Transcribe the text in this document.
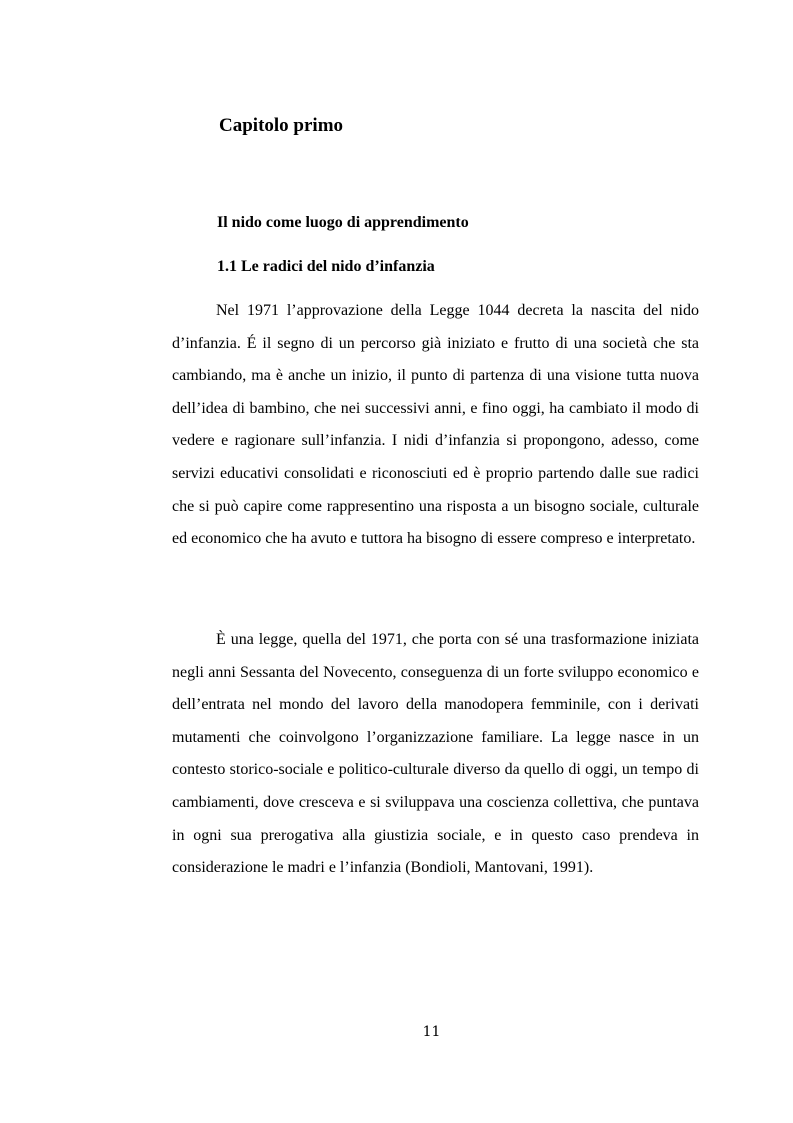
Capitolo primo
Il nido come luogo di apprendimento
1.1 Le radici del nido d’infanzia

Nel 1971 l’approvazione della Legge 1044 decreta la nascita del nido d’infanzia. É il segno di un percorso già iniziato e frutto di una società che sta cambiando, ma è anche un inizio, il punto di partenza di una visione tutta nuova dell’idea di bambino, che nei successivi anni, e fino oggi, ha cambiato il modo di vedere e ragionare sull’infanzia. I nidi d’infanzia si propongono, adesso, come servizi educativi consolidati e riconosciuti ed è proprio partendo dalle sue radici che si può capire come rappresentino una risposta a un bisogno sociale, culturale ed economico che ha avuto e tuttora ha bisogno di essere compreso e interpretato.

È una legge, quella del 1971, che porta con sé una trasformazione iniziata negli anni Sessanta del Novecento, conseguenza di un forte sviluppo economico e dell’entrata nel mondo del lavoro della manodopera femminile, con i derivati mutamenti che coinvolgono l’organizzazione familiare. La legge nasce in un contesto storico-sociale e politico-culturale diverso da quello di oggi, un tempo di cambiamenti, dove cresceva e si sviluppava una coscienza collettiva, che puntava in ogni sua prerogativa alla giustizia sociale, e in questo caso prendeva in considerazione le madri e l’infanzia (Bondioli, Mantovani, 1991).

11
